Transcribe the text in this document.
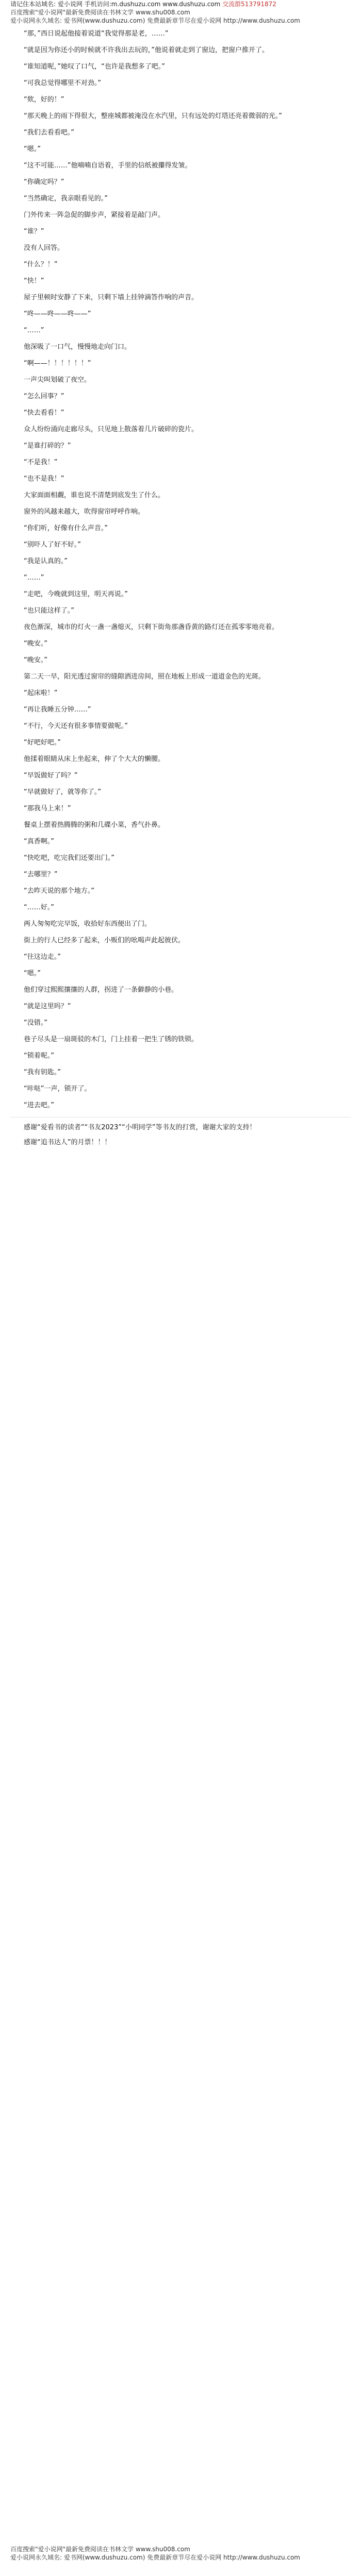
请记住本站域名: 爱小说网 手机访问:m.dushuzu.com www.dushuzu.com 交流群513791872
百度搜索"爱小说网"最新免费阅读在书林文学 www.shu008.com
爱小说网永久域名: 爱书网(www.dushuzu.com) 免费最新章节尽在爱小说网 http://www.dushuzu.com

“那，”西日说起他接着说道“我觉得那是老，……”

“就是因为你还小的时候就不许我出去玩的，”他说着就走到了窗边，把窗户推开了。

“谁知道呢，”她叹了口气，“也许是我想多了吧。”

“可我总觉得哪里不对劲。”

“欸，好的！”

“那天晚上的雨下得很大，整座城都被淹没在水汽里，只有远处的灯塔还亮着微弱的光。”

“我们去看看吧。”

“嗯。”

“这不可能……”他喃喃自语着，手里的信纸被攥得发皱。

“你确定吗？”

“当然确定，我亲眼看见的。”

门外传来一阵急促的脚步声，紧接着是敲门声。

“谁？”

没有人回答。

“什么？！”

“快！”

屋子里顿时安静了下来，只剩下墙上挂钟滴答作响的声音。

“咚——咚——咚——”

“……”

他深吸了一口气，慢慢地走向门口。

“啊——！！！！！！”

一声尖叫划破了夜空。

“怎么回事？”

“快去看看！”

众人纷纷涌向走廊尽头，只见地上散落着几片破碎的瓷片。

“是谁打碎的？”

“不是我！”

“也不是我！”

大家面面相觑，谁也说不清楚到底发生了什么。

窗外的风越来越大，吹得窗帘呼呼作响。

“你们听，好像有什么声音。”

“别吓人了好不好。”

“我是认真的。”

“……”

“走吧，今晚就到这里，明天再说。”

“也只能这样了。”

夜色渐深，城市的灯火一盏一盏熄灭，只剩下街角那盏昏黄的路灯还在孤零零地亮着。

“晚安。”

“晚安。”

第二天一早，阳光透过窗帘的缝隙洒进房间，照在地板上形成一道道金色的光斑。

“起床啦！”

“再让我睡五分钟……”

“不行，今天还有很多事情要做呢。”

“好吧好吧。”

他揉着眼睛从床上坐起来，伸了个大大的懒腰。

“早饭做好了吗？”

“早就做好了，就等你了。”

“那我马上来！”

餐桌上摆着热腾腾的粥和几碟小菜，香气扑鼻。

“真香啊。”

“快吃吧，吃完我们还要出门。”

“去哪里？”

“去昨天说的那个地方。”

“……好。”

两人匆匆吃完早饭，收拾好东西便出了门。

街上的行人已经多了起来，小贩们的吆喝声此起彼伏。

“往这边走。”

“嗯。”

他们穿过熙熙攘攘的人群，拐进了一条僻静的小巷。

“就是这里吗？”

“没错。”

巷子尽头是一扇斑驳的木门，门上挂着一把生了锈的铁锁。

“锁着呢。”

“我有钥匙。”

“咔哒”一声，锁开了。

“进去吧。”

感谢“爱看书的读者”“书友2023”“小明同学”等书友的打赏，谢谢大家的支持！

感谢“追书达人”的月票！！！

百度搜索"爱小说网"最新免费阅读在书林文学 www.shu008.com
爱小说网永久域名: 爱书网(www.dushuzu.com) 免费最新章节尽在爱小说网 http://www.dushuzu.com
